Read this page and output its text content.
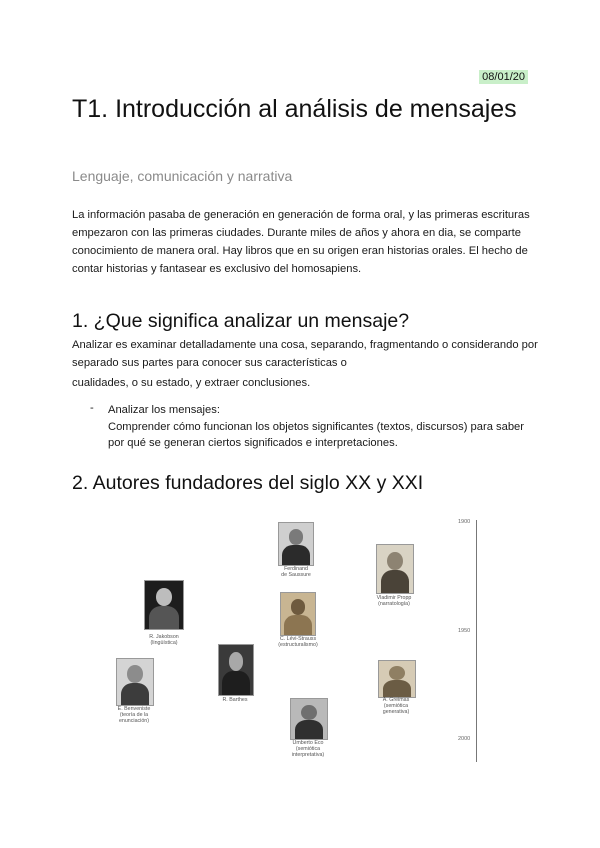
08/01/20
T1. Introducción al análisis de mensajes
Lenguaje, comunicación y narrativa

La información pasaba de generación en generación de forma oral, y las primeras escrituras empezaron con las primeras ciudades. Durante miles de años y ahora en dia, se comparte conocimiento de manera oral. Hay libros que en su origen eran historias orales. El hecho de contar historias y fantasear es exclusivo del homosapiens.

1. ¿Que significa analizar un mensaje?

Analizar es examinar detalladamente una cosa, separando, fragmentando o considerando por separado sus partes para conocer sus características o

cualidades, o su estado, y extraer conclusiones.

- Analizar los mensajes:
Comprender cómo funcionan los objetos significantes (textos, discursos) para saber por qué se generan ciertos significados e interpretaciones.
2. Autores fundadores del siglo XX y XXI
1900
1950
2000
Ferdinand
de Saussure
Vladimir Propp
(narratología)
R. Jakobson
(lingüística)
C. Lévi-Strauss
(estructuralismo)
R. Barthes	A. Greimas
(semiótica
generativa)
E. Benveniste
(teoría de la
enunciación)
Umberto Eco
(semiótica
interpretativa)
